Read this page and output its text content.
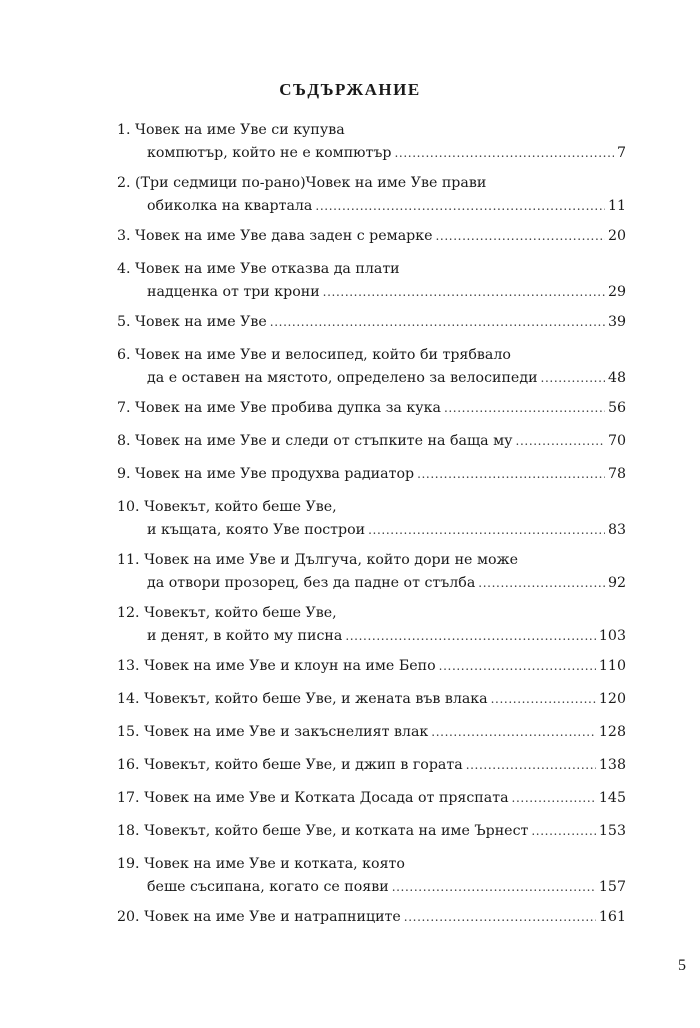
СЪДЪРЖАНИЕ
1. Човек на име Уве си купува
компютър, който не е компютър . . .	7
2. (Три седмици по-рано)Човек на име Уве прави
обиколка на квартала . . .	11
3. Човек на име Уве дава заден с ремарке . . .	20
4. Човек на име Уве отказва да плати
надценка от три крони . . .	29
5. Човек на име Уве . . .	39
6. Човек на име Уве и велосипед, който би трябвало
да е оставен на мястото, определено за велосипеди . . .	48
7. Човек на име Уве пробива дупка за кука . . .	56
8. Човек на име Уве и следи от стъпките на баща му . . .	70
9. Човек на име Уве продухва радиатор . . .	78
10. Човекът, който беше Уве,
и къщата, която Уве построи . . .	83
11. Човек на име Уве и Дългуча, който дори не може
да отвори прозорец, без да падне от стълба . . .	92
12. Човекът, който беше Уве,
и денят, в който му писна . . .	103
13. Човек на име Уве и клоун на име Бепо . . .	110
14. Човекът, който беше Уве, и жената във влака . . .	120
15. Човек на име Уве и закъснелият влак . . .	128
16. Човекът, който беше Уве, и джип в гората . . .	138
17. Човек на име Уве и Котката Досада от пряспата . . .	145
18. Човекът, който беше Уве, и котката на име Ърнест . . .	153
19. Човек на име Уве и котката, която
беше съсипана, когато се появи . . .	157
20. Човек на име Уве и натрапниците . . .	161
5
